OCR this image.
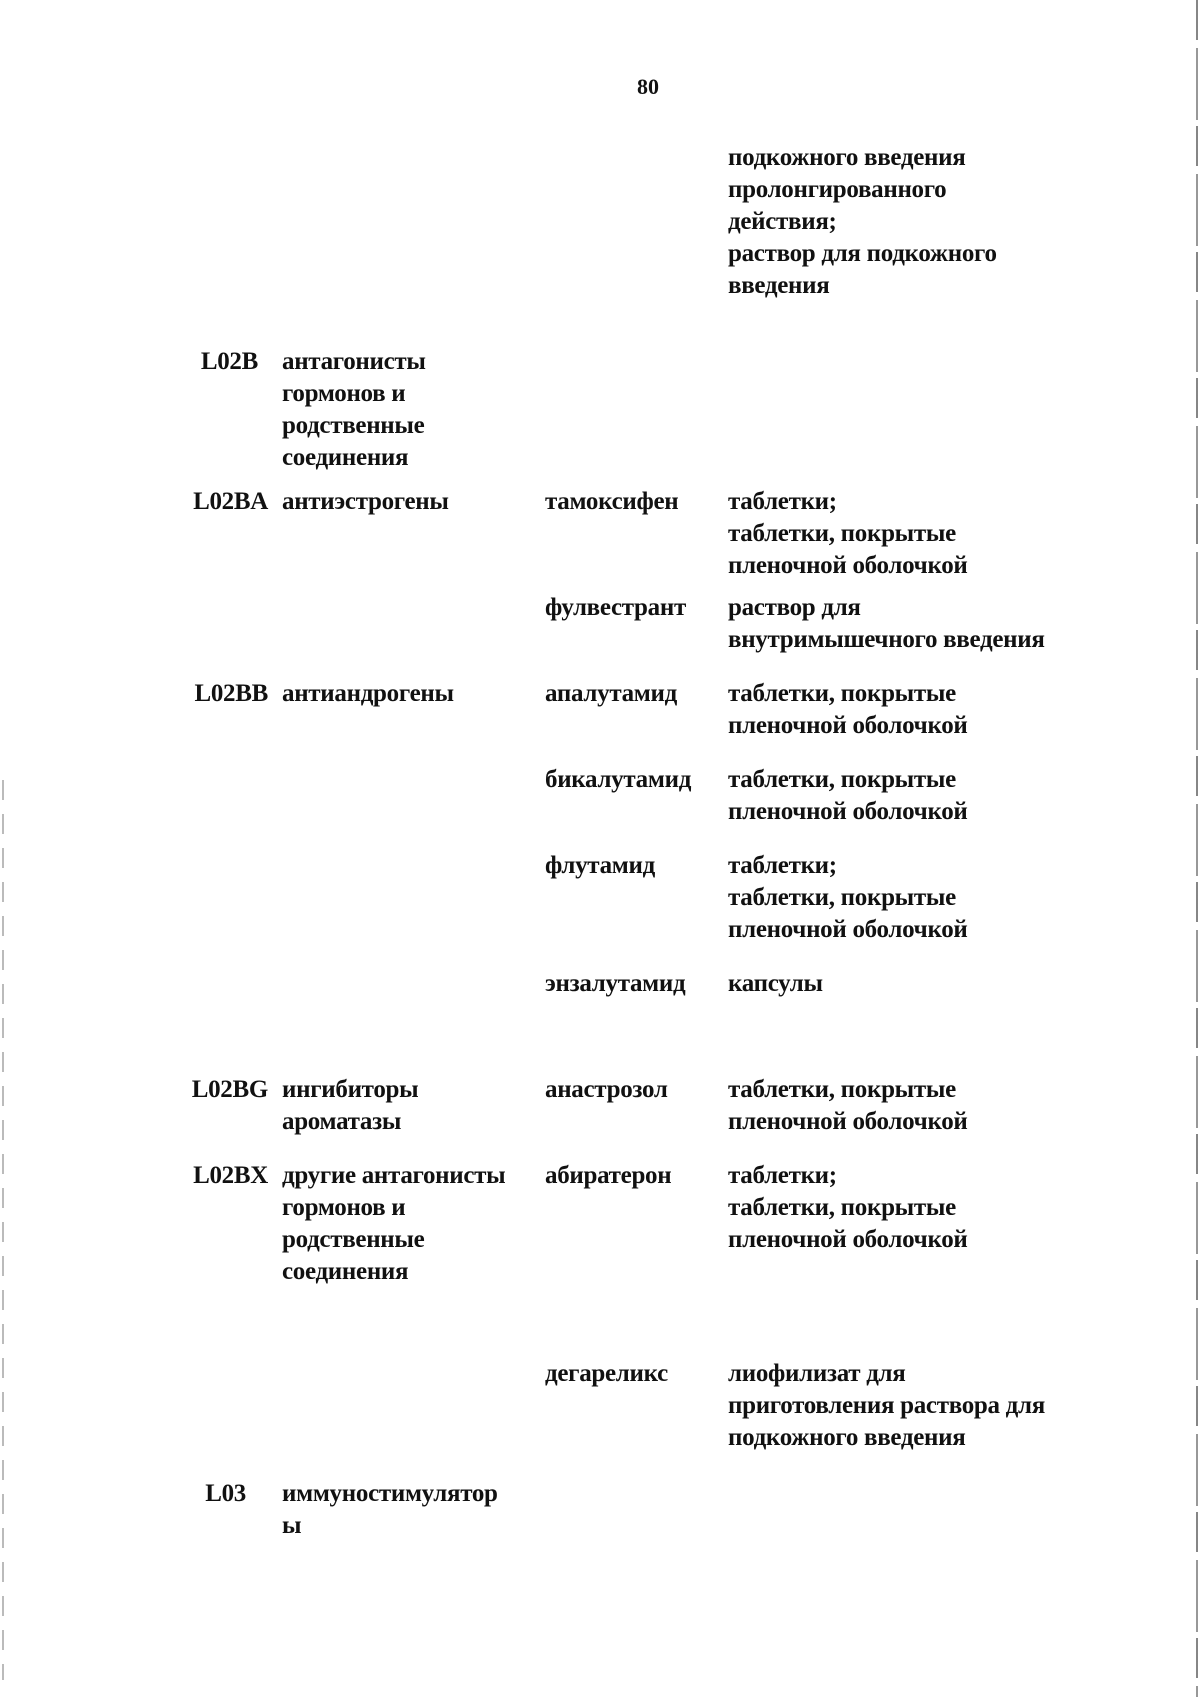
80
подкожного введения
пролонгированного
действия;
раствор для подкожного
введения
L02B антагонисты
гормонов и
родственные
соединения
L02BA антиэстрогены	тамоксифен	таблетки;
таблетки, покрытые
пленочной оболочкой
фулвестрант	раствор для
внутримышечного введения
L02BB антиандрогены	апалутамид	таблетки, покрытые
пленочной оболочкой
бикалутамид	таблетки, покрытые
пленочной оболочкой
флутамид	таблетки;
таблетки, покрытые
пленочной оболочкой
энзалутамид	капсулы
L02BG ингибиторы
ароматазы
анастрозол	таблетки, покрытые
пленочной оболочкой
L02BX другие антагонисты
гормонов и
родственные
соединения
абиратерон	таблетки;
таблетки, покрытые
пленочной оболочкой
дегареликс	лиофилизат для
приготовления раствора для
подкожного введения
L03 иммуностимулятор
ы
